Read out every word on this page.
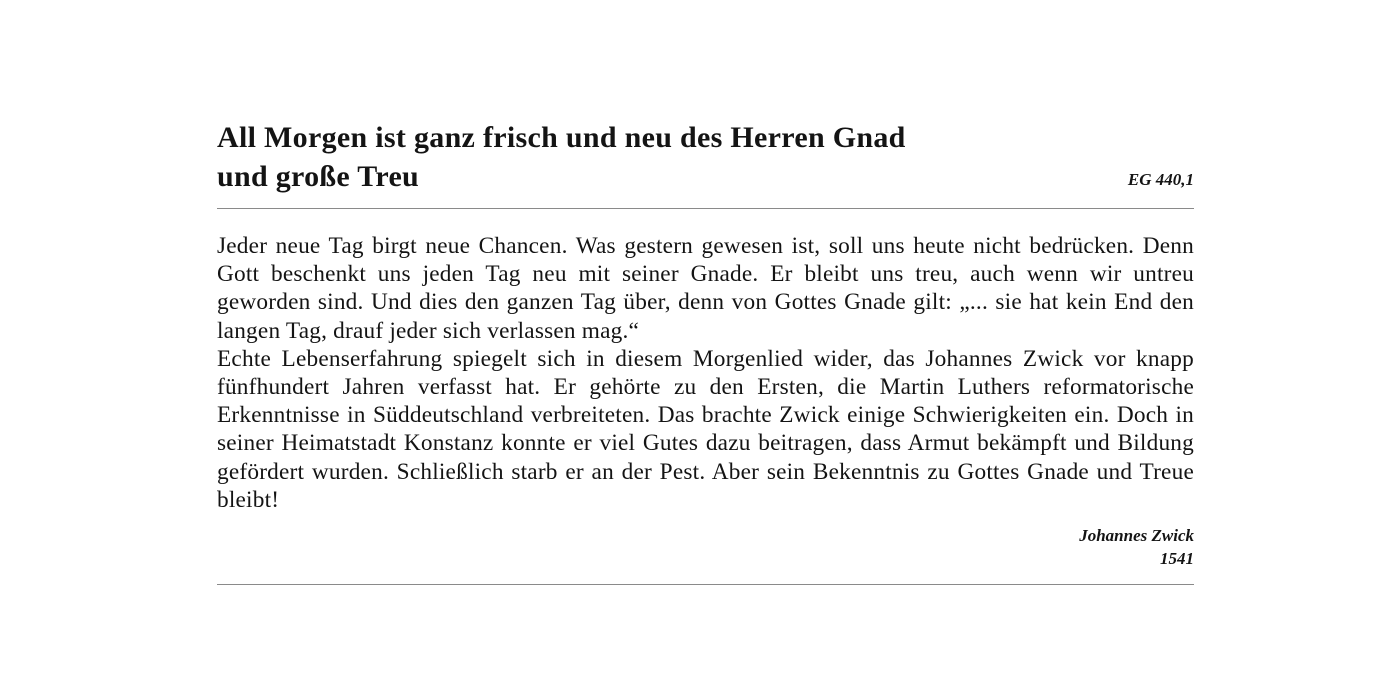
All Morgen ist ganz frisch und neu des Herren Gnad
und große Treu	EG 440,1

Jeder neue Tag birgt neue Chancen. Was gestern gewesen ist, soll uns heute nicht bedrücken. Denn Gott beschenkt uns jeden Tag neu mit seiner Gnade. Er bleibt uns treu, auch wenn wir untreu geworden sind. Und dies den ganzen Tag über, denn von Gottes Gnade gilt: „... sie hat kein End den langen Tag, drauf jeder sich verlassen mag.“

Echte Lebenserfahrung spiegelt sich in diesem Morgenlied wider, das Johannes Zwick vor knapp fünfhundert Jahren verfasst hat. Er gehörte zu den Ersten, die Martin Luthers reformatorische Erkenntnisse in Süddeutschland verbreiteten. Das brachte Zwick einige Schwierigkeiten ein. Doch in seiner Heimatstadt Konstanz konnte er viel Gutes dazu beitragen, dass Armut bekämpft und Bildung gefördert wurden. Schließlich starb er an der Pest. Aber sein Bekenntnis zu Gottes Gnade und Treue bleibt!

Johannes Zwick
1541
